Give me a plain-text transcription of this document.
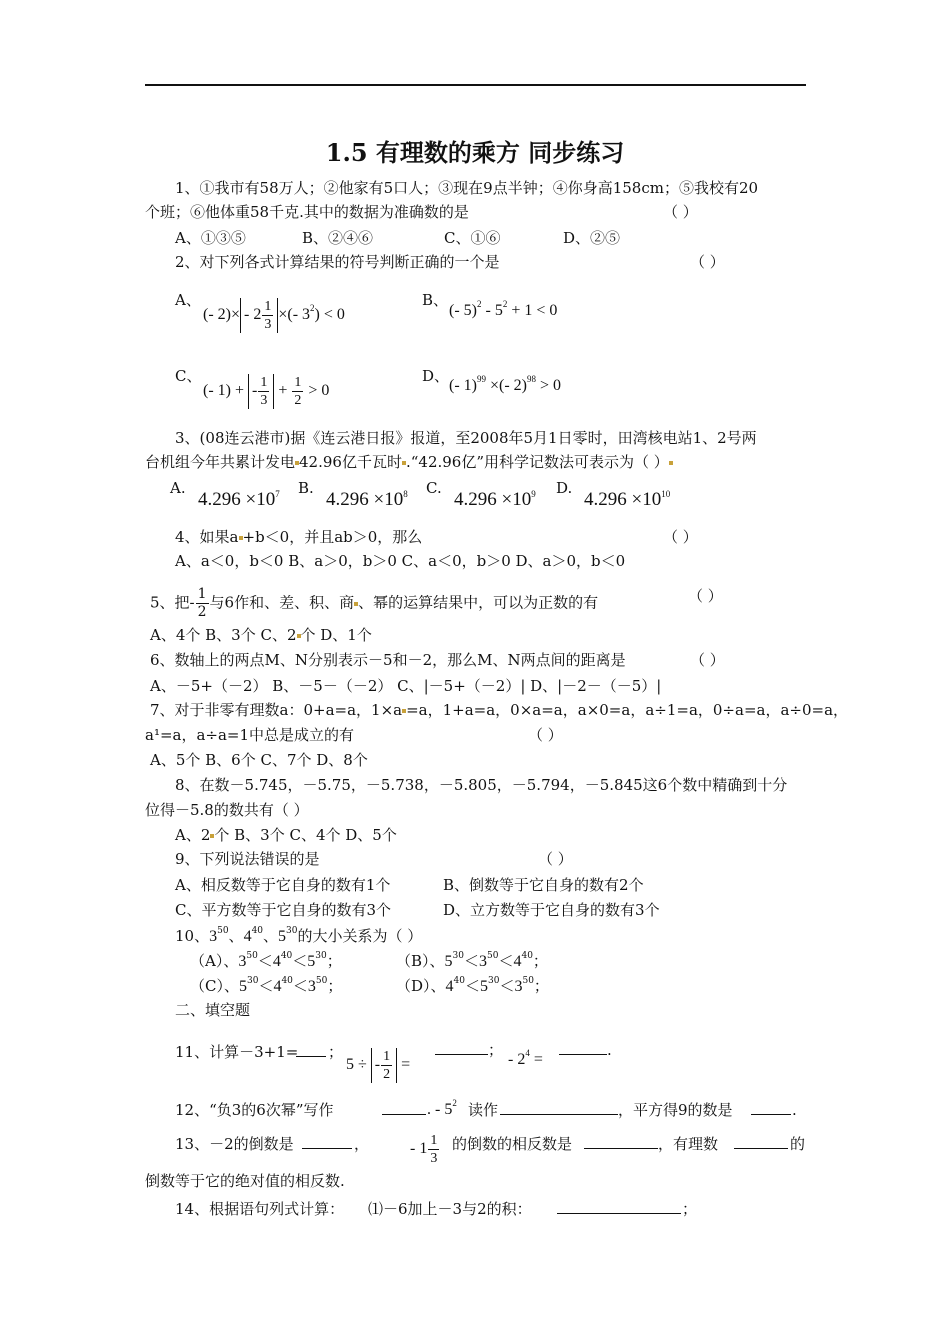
1.5 有理数的乘方 同步练习
1、①我市有58万人；②他家有5口人；③现在9点半钟；④你身高158cm；⑤我校有20
个班；⑥他体重58千克.其中的数据为准确数的是	（ ）
A、①③⑤	B、②④⑥	C、①⑥	D、②⑤
2、对下列各式计算结果的符号判断正确的一个是	（ ）
A、
(- $2)\times - 2 \frac{1}{3}$ ×(- $3^2) < 0$
B、
(- $5)^2 - 5^2 + 1 < 0$
C、
(- 1) + - $\frac{1}{3} + \frac{1}{2} > 0$
D、
(- 1)$^{99}$ ×(- 2)$^{98}$ > 0
3、(08连云港市)据《连云港日报》报道，至2008年5月1日零时，田湾核电站1、2号两
台机组今年共累计发电 42.96亿千瓦时 .“42.96亿”用科学记数法可表示为（ ）
A.
$4.296 \times 10^7$ B.
$4.296 \times 10^8$ C.
$4.296 \times 10^9$ D.
$4.296 \times 10^{10}$
4、如果a +b＜0，并且ab＞0，那么	（ ）
A、a＜0，b＜0 B、a＞0，b＞0 C、a＜0，b＞0 D、a＞0，b＜0
5、把- $\frac{1}{2}$ 与6作和、差、积、商 、幂的运算结果中，可以为正数的有	（ ）
A、4个 B、3个 C、2 个 D、1个
6、数轴上的两点M、N分别表示－5和－2，那么M、N两点间的距离是	（ ）
A、－5+（－2） B、－5－（－2） C、|－5+（－2）| D、|－2－（－5）|
7、对于非零有理数a：0+a=a，1×a =a，1+a=a，0×a=a，a×0=a，a÷1=a，0÷a=a，a÷0=a，
a¹=a，a÷a=1中总是成立的有	（ ）
A、5个 B、6个 C、7个 D、8个
8、在数－5.745，－5.75，－5.738，－5.805，－5.794，－5.845这6个数中精确到十分
位得－5.8的数共有（ ）
A、2 个 B、3个 C、4个 D、5个
9、下列说法错误的是	（ ）
A、相反数等于它自身的数有1个	B、倒数等于它自身的数有2个
C、平方数等于它自身的数有3个	D、立方数等于它自身的数有3个
10、$3^{50}$、$4^{40}$、$5^{30}$的大小关系为（ ）
（A）、$3^{50}<4^{40}<5^{30}$；	（B）、$5^{30}<3^{50}<4^{40}$；
（C）、$5^{30}<4^{40}<3^{50}$；	（D）、$4^{40}<5^{30}<3^{50}$；
二、填空题
11、计算－3+1= ；
5 ÷ - $\frac{1}{2}$ =
；
- $2^4$ =
.
12、“负3的6次幂”写作	. - $5^2$ 读作	，平方得9的数是	.
13、－2的倒数是	，	- $1 \frac{1}{3}$ 的倒数的相反数是	，有理数	的
倒数等于它的绝对值的相反数.
14、根据语句列式计算： ⑴－6加上－3与2的积：	；
